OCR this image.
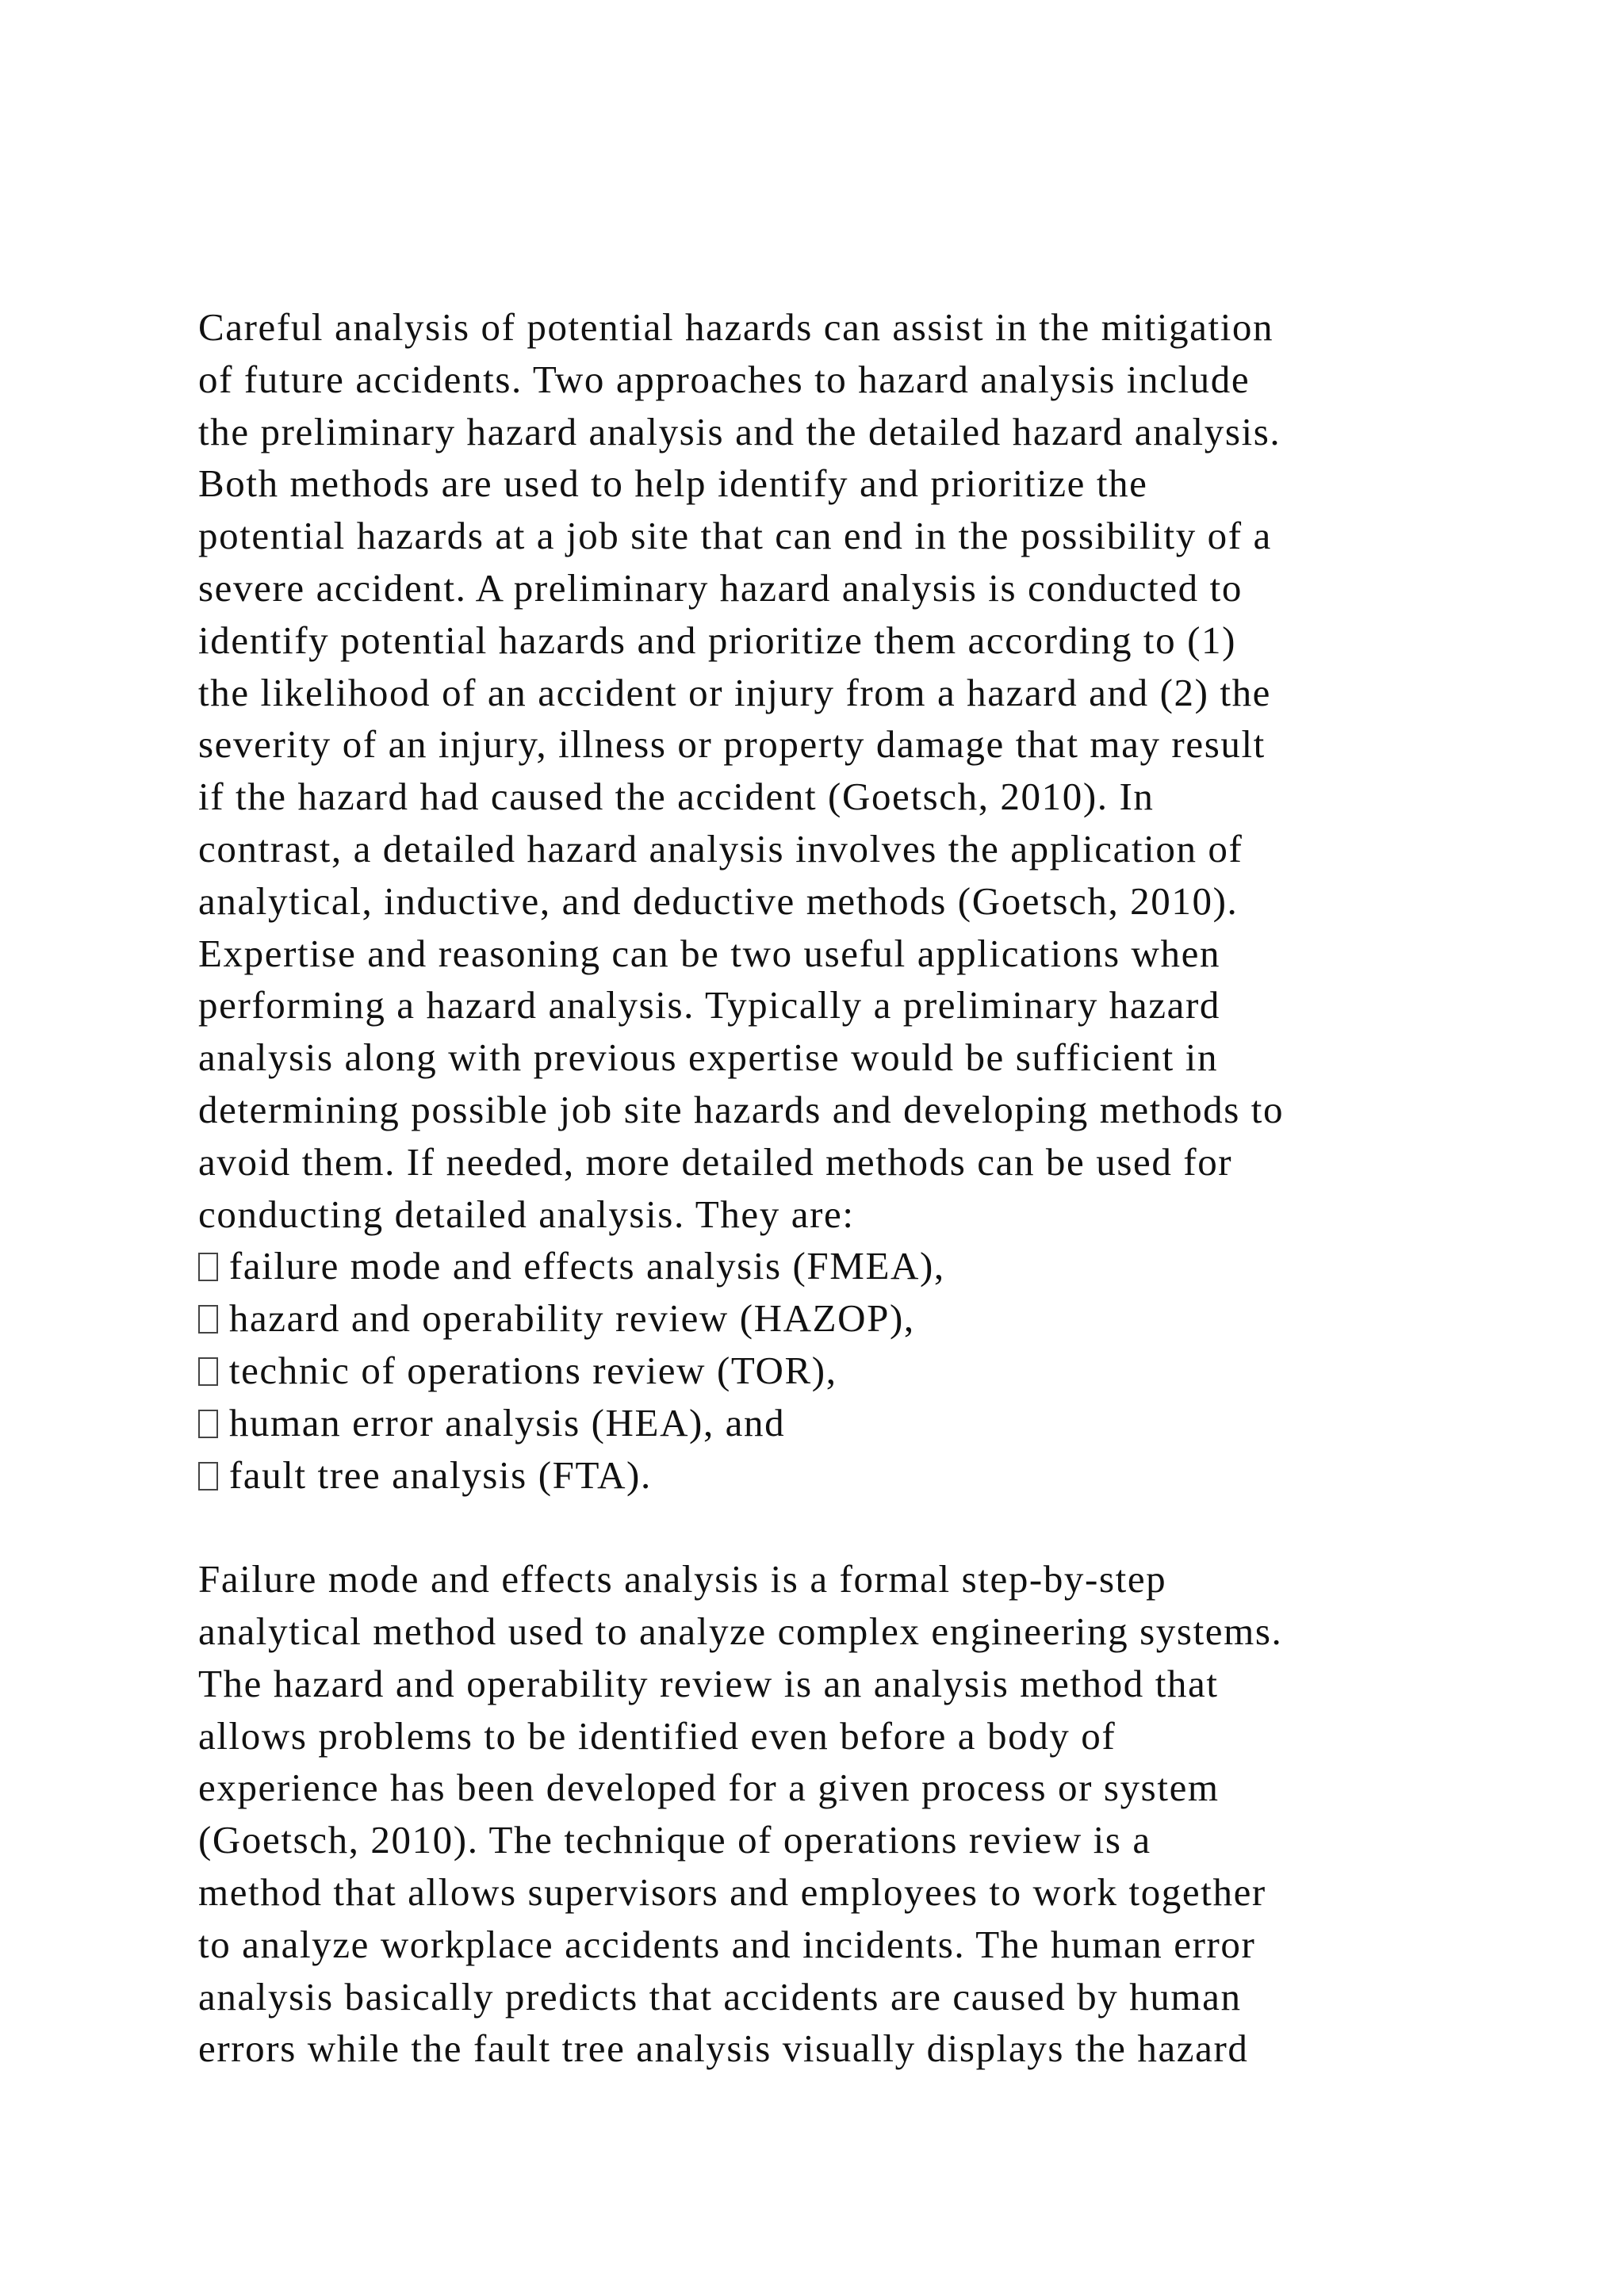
Careful analysis of potential hazards can assist in the mitigation
of future accidents. Two approaches to hazard analysis include
the preliminary hazard analysis and the detailed hazard analysis.
Both methods are used to help identify and prioritize the
potential hazards at a job site that can end in the possibility of a
severe accident. A preliminary hazard analysis is conducted to
identify potential hazards and prioritize them according to (1)
the likelihood of an accident or injury from a hazard and (2) the
severity of an injury, illness or property damage that may result
if the hazard had caused the accident (Goetsch, 2010). In
contrast, a detailed hazard analysis involves the application of
analytical, inductive, and deductive methods (Goetsch, 2010).
Expertise and reasoning can be two useful applications when
performing a hazard analysis. Typically a preliminary hazard
analysis along with previous expertise would be sufficient in
determining possible job site hazards and developing methods to
avoid them. If needed, more detailed methods can be used for
conducting detailed analysis. They are:
failure mode and effects analysis (FMEA),
hazard and operability review (HAZOP),
technic of operations review (TOR),
human error analysis (HEA), and
fault tree analysis (FTA).
Failure mode and effects analysis is a formal step-by-step
analytical method used to analyze complex engineering systems.
The hazard and operability review is an analysis method that
allows problems to be identified even before a body of
experience has been developed for a given process or system
(Goetsch, 2010). The technique of operations review is a
method that allows supervisors and employees to work together
to analyze workplace accidents and incidents. The human error
analysis basically predicts that accidents are caused by human
errors while the fault tree analysis visually displays the hazard
